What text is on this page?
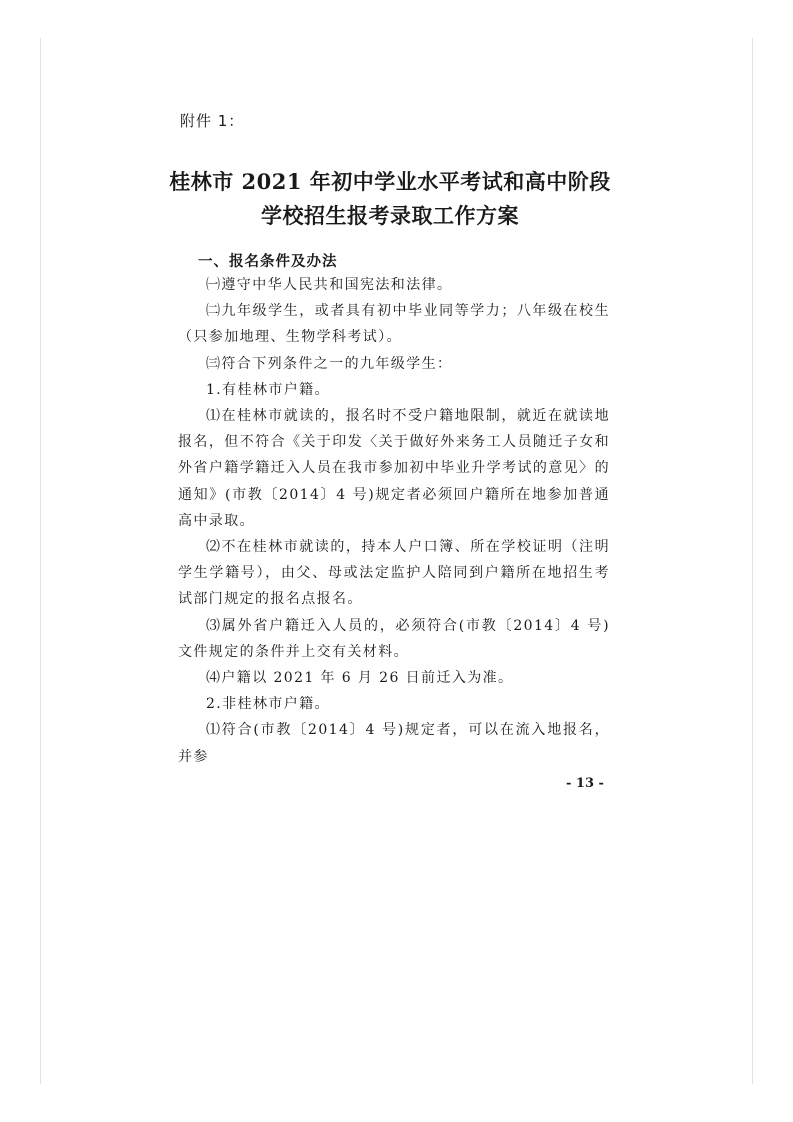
附件 1：
桂林市 2021 年初中学业水平考试和高中阶段
学校招生报考录取工作方案
一、报名条件及办法

㈠遵守中华人民共和国宪法和法律。

㈡九年级学生，或者具有初中毕业同等学力；八年级在校生（只参加地理、生物学科考试）。

㈢符合下列条件之一的九年级学生：

1.有桂林市户籍。

⑴在桂林市就读的，报名时不受户籍地限制，就近在就读地报名，但不符合《关于印发〈关于做好外来务工人员随迁子女和外省户籍学籍迁入人员在我市参加初中毕业升学考试的意见〉的通知》(市教〔2014〕4 号)规定者必须回户籍所在地参加普通高中录取。

⑵不在桂林市就读的，持本人户口簿、所在学校证明（注明学生学籍号），由父、母或法定监护人陪同到户籍所在地招生考试部门规定的报名点报名。

⑶属外省户籍迁入人员的，必须符合(市教〔2014〕4 号)文件规定的条件并上交有关材料。

⑷户籍以 2021 年 6 月 26 日前迁入为准。

2.非桂林市户籍。

⑴符合(市教〔2014〕4 号)规定者，可以在流入地报名，并参

- 13 -
